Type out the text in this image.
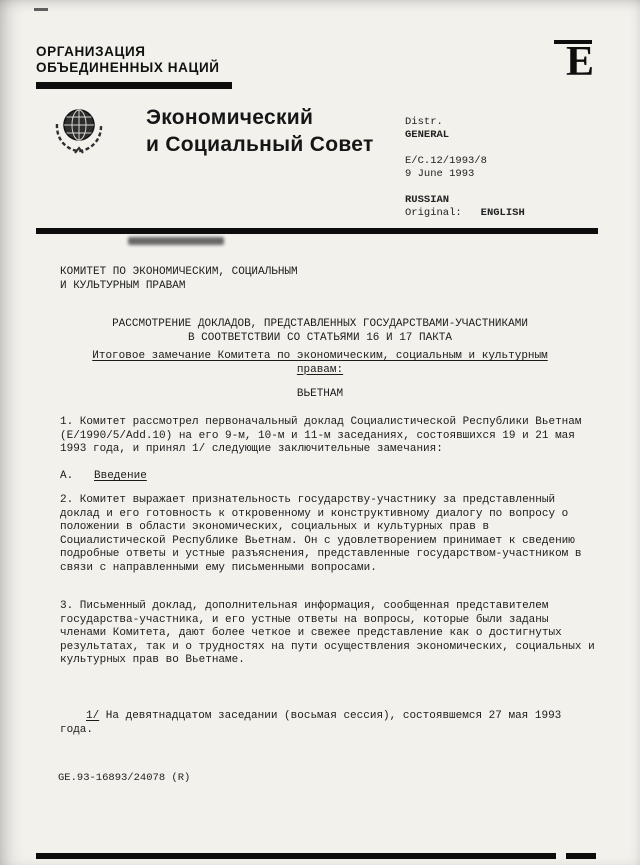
ОРГАНИЗАЦИЯ
ОБЪЕДИНЕННЫХ НАЦИЙ	E
Экономический
и Социальный Совет
Distr.
GENERAL
E/C.12/1993/8
9 June 1993
RUSSIAN
Original: ENGLISH
КОМИТЕТ ПО ЭКОНОМИЧЕСКИМ, СОЦИАЛЬНЫМ
И КУЛЬТУРНЫМ ПРАВАМ
РАССМОТРЕНИЕ ДОКЛАДОВ, ПРЕДСТАВЛЕННЫХ ГОСУДАРСТВАМИ-УЧАСТНИКАМИ
В СООТВЕТСТВИИ СО СТАТЬЯМИ 16 И 17 ПАКТА
Итоговое замечание Комитета по экономическим, социальным и культурным правам:
ВЬЕТНАМ
1. Комитет рассмотрел первоначальный доклад Социалистической Республики Вьетнам (E/1990/5/Add.10) на его 9-м, 10-м и 11-м заседаниях, состоявшихся 19 и 21 мая 1993 года, и принял 1/ следующие заключительные замечания:
A. Введение
2. Комитет выражает признательность государству-участнику за представленный доклад и его готовность к откровенному и конструктивному диалогу по вопросу о положении в области экономических, социальных и культурных прав в Социалистической Республике Вьетнам. Он с удовлетворением принимает к сведению подробные ответы и устные разъяснения, представленные государством-участником в связи с направленными ему письменными вопросами.
3. Письменный доклад, дополнительная информация, сообщенная представителем государства-участника, и его устные ответы на вопросы, которые были заданы членами Комитета, дают более четкое и свежее представление как о достигнутых результатах, так и о трудностях на пути осуществления экономических, социальных и культурных прав во Вьетнаме.
1/ На девятнадцатом заседании (восьмая сессия), состоявшемся 27 мая 1993 года.
GE.93-16893/24078 (R)
